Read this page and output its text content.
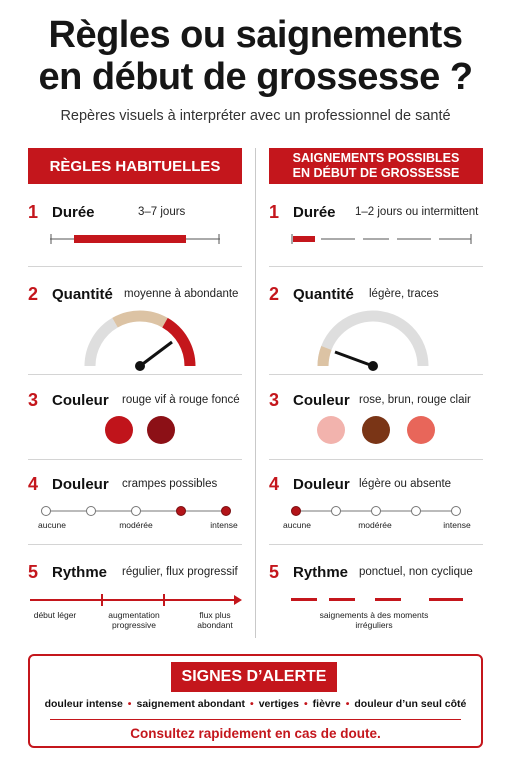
Règles ou saignements
en début de grossesse ?
Repères visuels à interpréter avec un professionnel de santé
RÈGLES HABITUELLES
1 Durée	3–7 jours
2 Quantité moyenne à abondante
3 Couleur rouge vif à rouge foncé
4 Douleur crampes possibles
aucune	modérée	intense
5 Rythme régulier, flux progressif
début léger	augmentation progressive
flux plus abondant
SAIGNEMENTS POSSIBLES
EN DÉBUT DE GROSSESSE
1 Durée 1–2 jours ou intermittent
2 Quantité légère, traces
3 Couleur rose, brun, rouge clair
4 Douleur légère ou absente
aucune	modérée	intense
5 Rythme ponctuel, non cyclique
saignements à des moments irréguliers
SIGNES D’ALERTE
douleur intense • saignement abondant • vertiges • fièvre • douleur d’un seul côté
Consultez rapidement en cas de doute.
